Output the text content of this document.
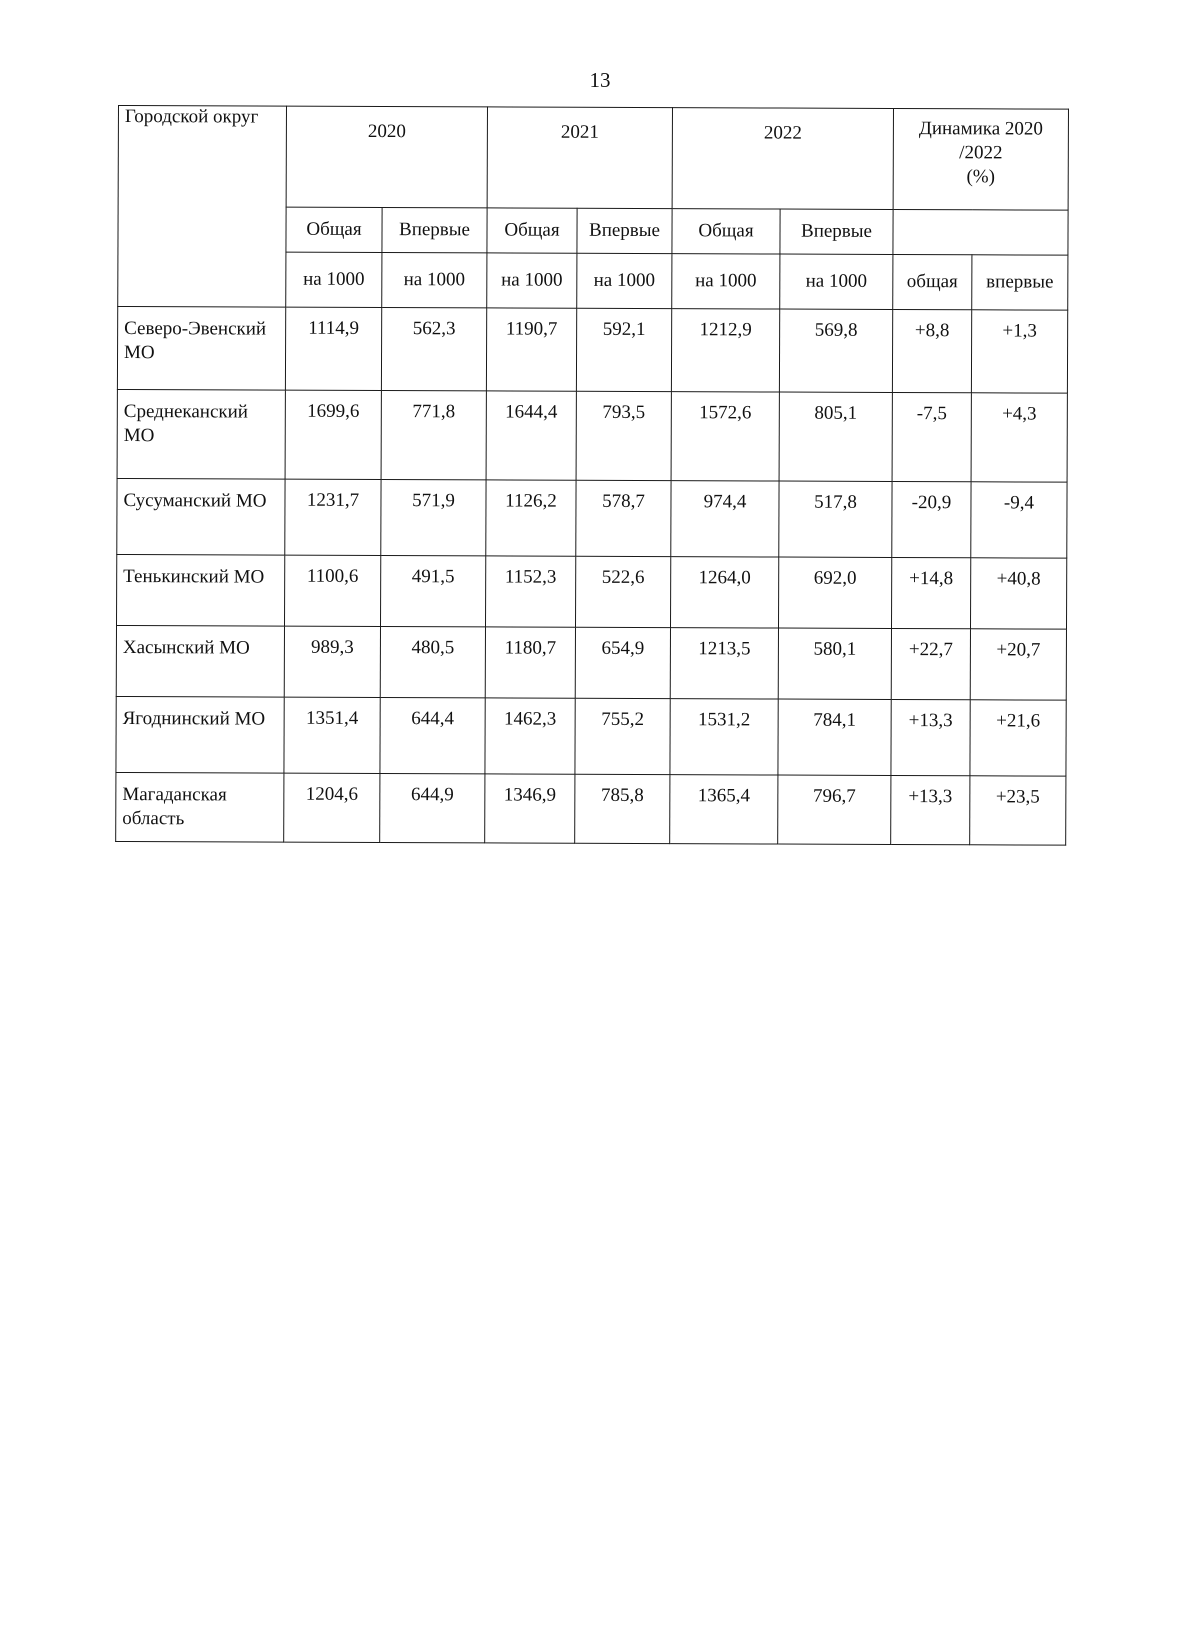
13
Городской округ	2020		2021		2022		Динамика 2020
/2022
(%)	

	Общая	Впервые	Общая	Впервые	Общая	Впервые		
	на 1000	на 1000	на 1000	на 1000	на 1000	на 1000	общая	впервые
Северо-Эвенский МО	1114,9	562,3	1190,7	592,1	1212,9	569,8	+8,8	+1,3
Среднеканский МО	1699,6	771,8	1644,4	793,5	1572,6	805,1	-7,5	+4,3
Сусуманский МО	1231,7	571,9	1126,2	578,7	974,4	517,8	-20,9	-9,4
Тенькинский МО	1100,6	491,5	1152,3	522,6	1264,0	692,0	+14,8	+40,8
Хасынский МО	989,3	480,5	1180,7	654,9	1213,5	580,1	+22,7	+20,7
Ягоднинский МО	1351,4	644,4	1462,3	755,2	1531,2	784,1	+13,3	+21,6
Магаданская область	1204,6	644,9	1346,9	785,8	1365,4	796,7	+13,3	+23,5
